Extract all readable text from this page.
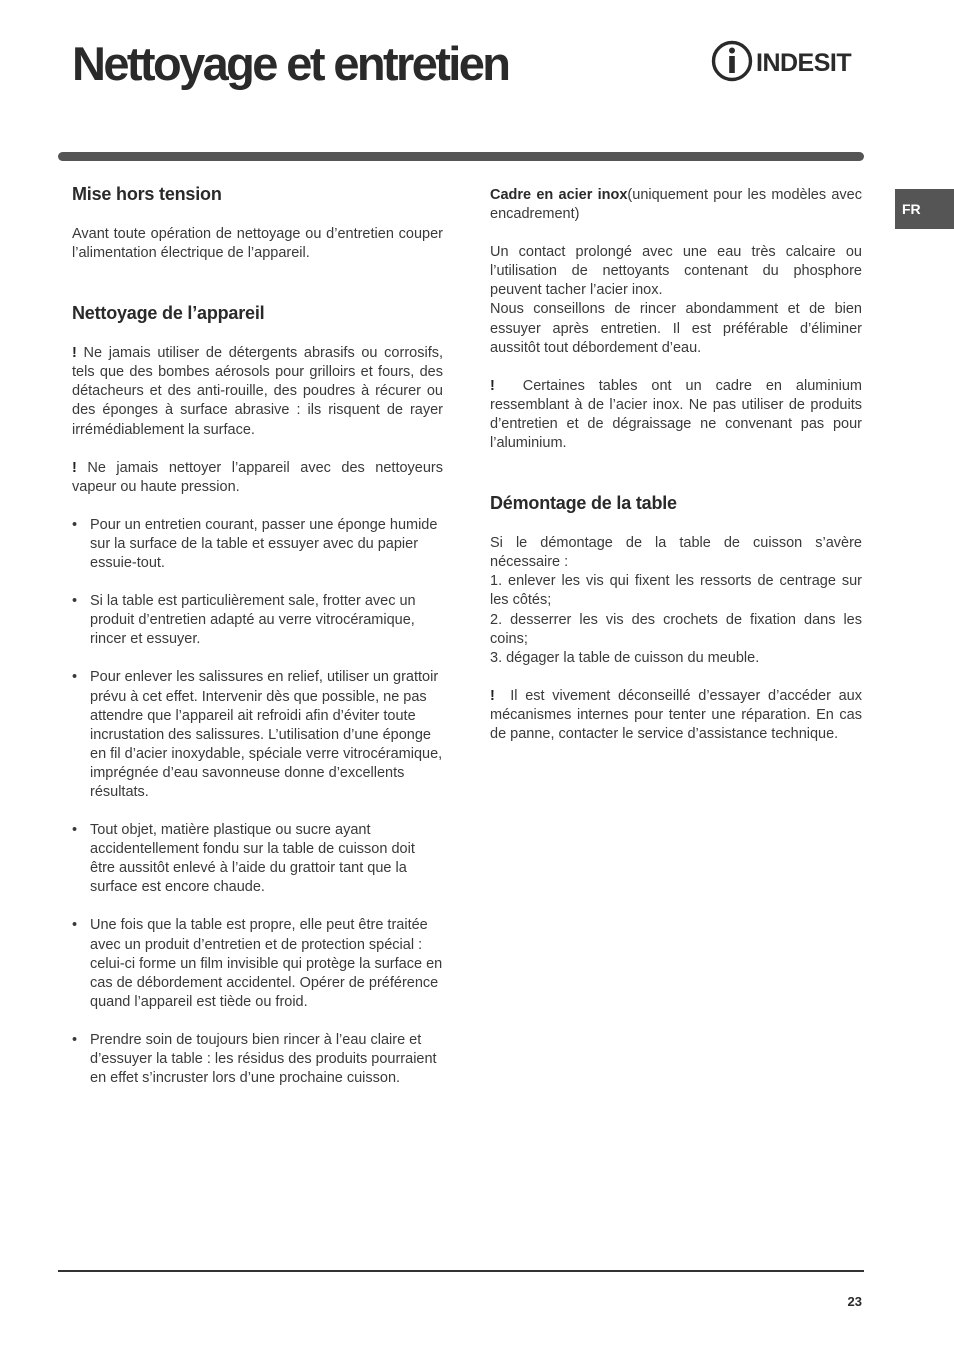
Nettoyage et entretien	INDESIT
FR
Mise hors tension

Avant toute opération de nettoyage ou d’entretien couper l’alimentation électrique de l’appareil.

Nettoyage de l’appareil

! Ne jamais utiliser de détergents abrasifs ou corrosifs, tels que des bombes aérosols pour grilloirs et fours, des détacheurs et des anti-rouille, des poudres à récurer ou des éponges à surface abrasive : ils risquent de rayer irrémédiablement la surface.

! Ne jamais nettoyer l’appareil avec des nettoyeurs vapeur ou haute pression.

• Pour un entretien courant, passer une éponge humide sur la surface de la table et essuyer avec du papier essuie-tout.
• Si la table est particulièrement sale, frotter avec un produit d’entretien adapté au verre vitrocéramique, rincer et essuyer.
• Pour enlever les salissures en relief, utiliser un grattoir prévu à cet effet. Intervenir dès que possible, ne pas attendre que l’appareil ait refroidi afin d’éviter toute incrustation des salissures. L’utilisation d’une éponge en fil d’acier inoxydable, spéciale verre vitrocéramique, imprégnée d’eau savonneuse donne d’excellents résultats.
• Tout objet, matière plastique ou sucre ayant accidentellement fondu sur la table de cuisson doit être aussitôt enlevé à l’aide du grattoir tant que la surface est encore chaude.
• Une fois que la table est propre, elle peut être traitée avec un produit d’entretien et de protection spécial : celui-ci forme un film invisible qui protège la surface en cas de débordement accidentel. Opérer de préférence quand l’appareil est tiède ou froid.
• Prendre soin de toujours bien rincer à l’eau claire et d’essuyer la table : les résidus des produits pourraient en effet s’incruster lors d’une prochaine cuisson.

Cadre en acier inox(uniquement pour les modèles avec encadrement)

Un contact prolongé avec une eau très calcaire ou l’utilisation de nettoyants contenant du phosphore peuvent tacher l’acier inox.

Nous conseillons de rincer abondamment et de bien essuyer après entretien. Il est préférable d’éliminer aussitôt tout débordement d’eau.

! Certaines tables ont un cadre en aluminium ressemblant à de l’acier inox. Ne pas utiliser de produits d’entretien et de dégraissage ne convenant pas pour l’aluminium.

Démontage de la table

Si le démontage de la table de cuisson s’avère nécessaire :

1. enlever les vis qui fixent les ressorts de centrage sur les côtés;

2. desserrer les vis des crochets de fixation dans les coins;

3. dégager la table de cuisson du meuble.

! Il est vivement déconseillé d’essayer d’accéder aux mécanismes internes pour tenter une réparation. En cas de panne, contacter le service d’assistance technique.

23
